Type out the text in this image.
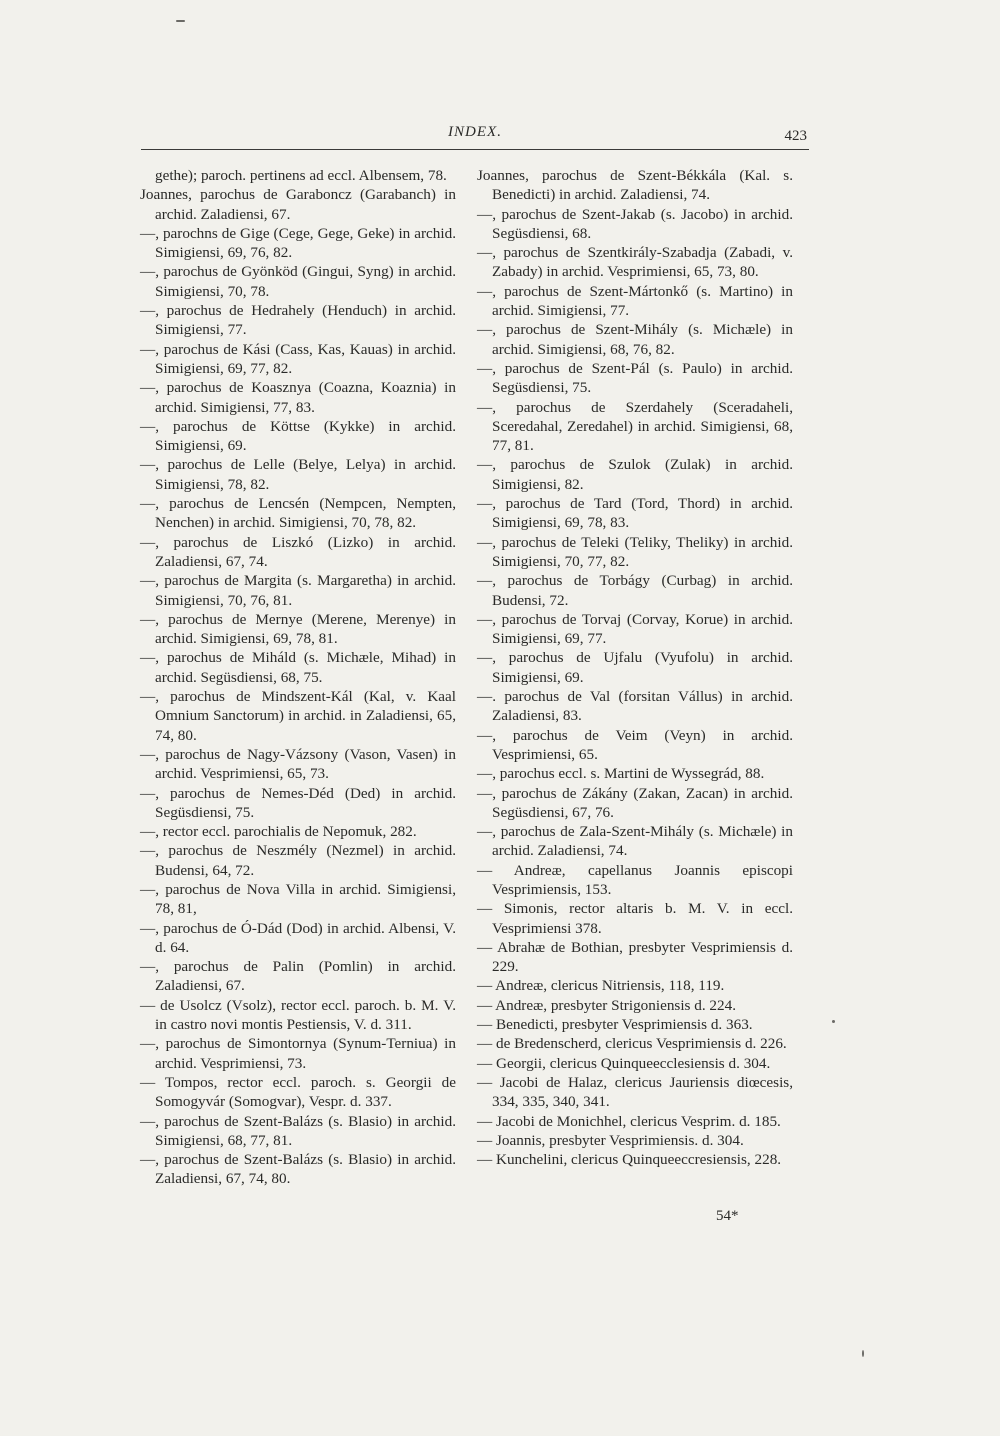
INDEX.	423

gethe); paroch. pertinens ad eccl. Albensem, 78.

Joannes, parochus de Garaboncz (Garabanch) in archid. Zaladiensi, 67.

—, parochns de Gige (Cege, Gege, Geke) in archid. Simigiensi, 69, 76, 82.

—, parochus de Gyönköd (Gingui, Syng) in archid. Simigiensi, 70, 78.

—, parochus de Hedrahely (Henduch) in archid. Simigiensi, 77.

—, parochus de Kási (Cass, Kas, Kauas) in archid. Simigiensi, 69, 77, 82.

—, parochus de Koasznya (Coazna, Koaznia) in archid. Simigiensi, 77, 83.

—, parochus de Köttse (Kykke) in archid. Simigiensi, 69.

—, parochus de Lelle (Belye, Lelya) in archid. Simigiensi, 78, 82.

—, parochus de Lencsén (Nempcen, Nempten, Nenchen) in archid. Simigiensi, 70, 78, 82.

—, parochus de Liszkó (Lizko) in archid. Zaladiensi, 67, 74.

—, parochus de Margita (s. Margaretha) in archid. Simigiensi, 70, 76, 81.

—, parochus de Mernye (Merene, Merenye) in archid. Simigiensi, 69, 78, 81.

—, parochus de Miháld (s. Michæle, Mihad) in archid. Següsdiensi, 68, 75.

—, parochus de Mindszent-Kál (Kal, v. Kaal Omnium Sanctorum) in archid. in Zaladiensi, 65, 74, 80.

—, parochus de Nagy-Vázsony (Vason, Vasen) in archid. Vesprimiensi, 65, 73.

—, parochus de Nemes-Déd (Ded) in archid. Següsdiensi, 75.

—, rector eccl. parochialis de Nepomuk, 282.

—, parochus de Neszmély (Nezmel) in archid. Budensi, 64, 72.

—, parochus de Nova Villa in archid. Simigiensi, 78, 81,

—, parochus de Ó-Dád (Dod) in archid. Albensi, V. d. 64.

—, parochus de Palin (Pomlin) in archid. Zaladiensi, 67.

— de Usolcz (Vsolz), rector eccl. paroch. b. M. V. in castro novi montis Pestiensis, V. d. 311.

—, parochus de Simontornya (Synum-Terniua) in archid. Vesprimiensi, 73.

— Tompos, rector eccl. paroch. s. Georgii de Somogyvár (Somogvar), Vespr. d. 337.

—, parochus de Szent-Balázs (s. Blasio) in archid. Simigiensi, 68, 77, 81.

—, parochus de Szent-Balázs (s. Blasio) in archid. Zaladiensi, 67, 74, 80.

Joannes, parochus de Szent-Békkála (Kal. s. Benedicti) in archid. Zaladiensi, 74.

—, parochus de Szent-Jakab (s. Jacobo) in archid. Següsdiensi, 68.

—, parochus de Szentkirály-Szabadja (Zabadi, v. Zabady) in archid. Vesprimiensi, 65, 73, 80.

—, parochus de Szent-Mártonkő (s. Martino) in archid. Simigiensi, 77.

—, parochus de Szent-Mihály (s. Michæle) in archid. Simigiensi, 68, 76, 82.

—, parochus de Szent-Pál (s. Paulo) in archid. Següsdiensi, 75.

—, parochus de Szerdahely (Sceradaheli, Sceredahal, Zeredahel) in archid. Simigiensi, 68, 77, 81.

—, parochus de Szulok (Zulak) in archid. Simigiensi, 82.

—, parochus de Tard (Tord, Thord) in archid. Simigiensi, 69, 78, 83.

—, parochus de Teleki (Teliky, Theliky) in archid. Simigiensi, 70, 77, 82.

—, parochus de Torbágy (Curbag) in archid. Budensi, 72.

—, parochus de Torvaj (Corvay, Korue) in archid. Simigiensi, 69, 77.

—, parochus de Ujfalu (Vyufolu) in archid. Simigiensi, 69.

—. parochus de Val (forsitan Vállus) in archid. Zaladiensi, 83.

—, parochus de Veim (Veyn) in archid. Vesprimiensi, 65.

—, parochus eccl. s. Martini de Wyssegrád, 88.

—, parochus de Zákány (Zakan, Zacan) in archid. Següsdiensi, 67, 76.

—, parochus de Zala-Szent-Mihály (s. Michæle) in archid. Zaladiensi, 74.

— Andreæ, capellanus Joannis episcopi Vesprimiensis, 153.

— Simonis, rector altaris b. M. V. in eccl. Vesprimiensi 378.

— Abrahæ de Bothian, presbyter Vesprimiensis d. 229.

— Andreæ, clericus Nitriensis, 118, 119.

— Andreæ, presbyter Strigoniensis d. 224.

— Benedicti, presbyter Vesprimiensis d. 363.

— de Bredenscherd, clericus Vesprimiensis d. 226.

— Georgii, clericus Quinqueecclesiensis d. 304.

— Jacobi de Halaz, clericus Jauriensis diœcesis, 334, 335, 340, 341.

— Jacobi de Monichhel, clericus Vesprim. d. 185.

— Joannis, presbyter Vesprimiensis. d. 304.

— Kunchelini, clericus Quinqueeccresiensis, 228.

54*
